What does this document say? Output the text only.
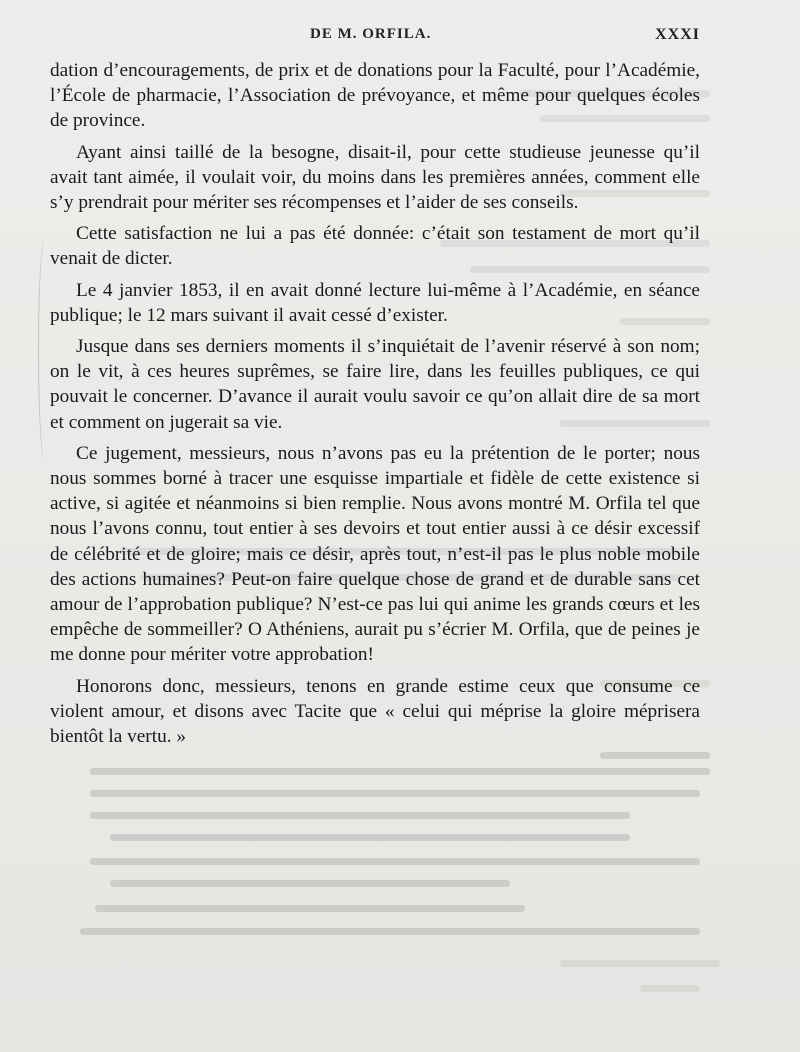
DE M. ORFILA.	XXXI

dation d’encouragements, de prix et de donations pour la Faculté, pour l’Académie, l’École de pharmacie, l’Association de prévoyance, et même pour quelques écoles de province.

Ayant ainsi taillé de la besogne, disait-il, pour cette studieuse jeunesse qu’il avait tant aimée, il voulait voir, du moins dans les premières années, comment elle s’y prendrait pour mériter ses récompenses et l’aider de ses conseils.

Cette satisfaction ne lui a pas été donnée: c’était son testament de mort qu’il venait de dicter.

Le 4 janvier 1853, il en avait donné lecture lui-même à l’Académie, en séance publique; le 12 mars suivant il avait cessé d’exister.

Jusque dans ses derniers moments il s’inquiétait de l’avenir réservé à son nom; on le vit, à ces heures suprêmes, se faire lire, dans les feuilles publiques, ce qui pouvait le concerner. D’avance il aurait voulu savoir ce qu’on allait dire de sa mort et comment on jugerait sa vie.

Ce jugement, messieurs, nous n’avons pas eu la prétention de le porter; nous nous sommes borné à tracer une esquisse impartiale et fidèle de cette existence si active, si agitée et néanmoins si bien remplie. Nous avons montré M. Orfila tel que nous l’avons connu, tout entier à ses devoirs et tout entier aussi à ce désir excessif de célébrité et de gloire; mais ce désir, après tout, n’est-il pas le plus noble mobile des actions humaines? Peut-on faire quelque chose de grand et de durable sans cet amour de l’approbation publique? N’est-ce pas lui qui anime les grands cœurs et les empêche de sommeiller? O Athéniens, aurait pu s’écrier M. Orfila, que de peines je me donne pour mériter votre approbation!

Honorons donc, messieurs, tenons en grande estime ceux que consume ce violent amour, et disons avec Tacite que « celui qui méprise la gloire méprisera bientôt la vertu. »
